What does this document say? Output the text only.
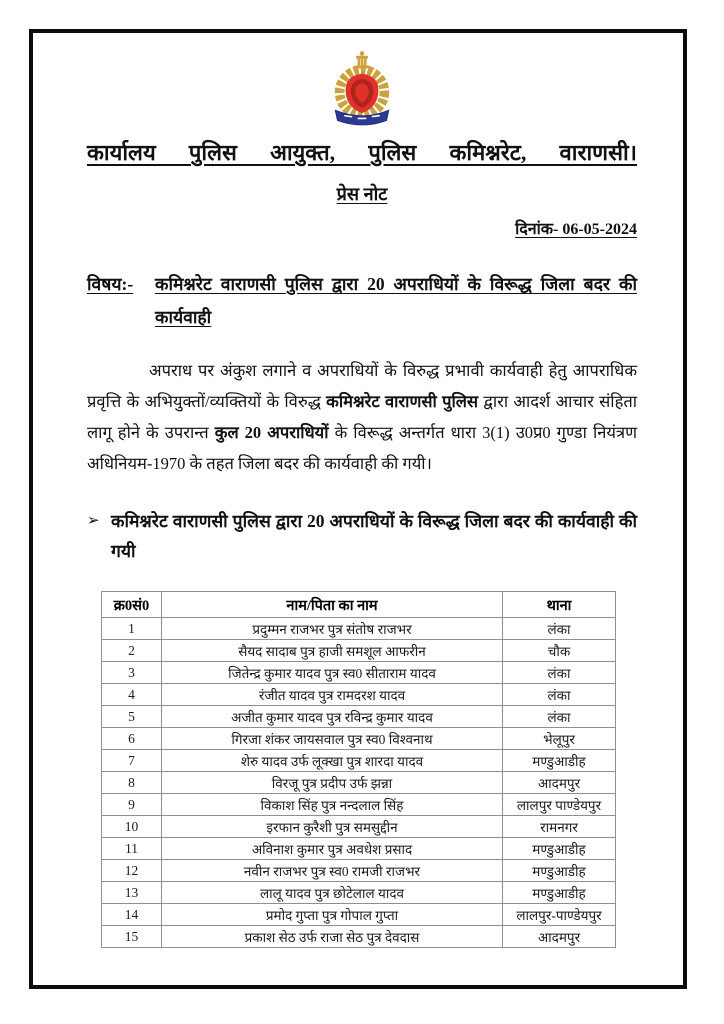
कार्यालय पुलिस आयुक्त, पुलिस कमिश्नरेट, वाराणसी।
प्रेस नोट
दिनांक- 06-05-2024
विषय:-	कमिश्नरेट वाराणसी पुलिस द्वारा 20 अपराधियों के विरूद्ध जिला बदर की कार्यवाही

अपराध पर अंकुश लगाने व अपराधियों के विरुद्ध प्रभावी कार्यवाही हेतु आपराधिक प्रवृत्ति के अभियुक्तों/व्यक्तियों के विरुद्ध कमिश्नरेट वाराणसी पुलिस द्वारा आदर्श आचार संहिता लागू होने के उपरान्त कुल 20 अपराधियों के विरूद्ध अन्तर्गत धारा 3(1) उ0प्र0 गुण्डा नियंत्रण अधिनियम-1970 के तहत जिला बदर की कार्यवाही की गयी।

➢ कमिश्नरेट वाराणसी पुलिस द्वारा 20 अपराधियों के विरूद्ध जिला बदर की कार्यवाही की गयी
क्र0सं0	नाम/पिता का नाम	थाना
1	प्रदुम्मन राजभर पुत्र संतोष राजभर	लंका
2	सैयद सादाब पुत्र हाजी समशूल आफरीन	चौक
3	जितेन्द्र कुमार यादव पुत्र स्व0 सीताराम यादव	लंका
4	रंजीत यादव पुत्र रामदरश यादव	लंका
5	अजीत कुमार यादव पुत्र रविन्द्र कुमार यादव	लंका
6	गिरजा शंकर जायसवाल पुत्र स्व0 विश्वनाथ	भेलूपुर
7	शेरु यादव उर्फ लूक्खा पुत्र शारदा यादव	मण्डुआडीह
8	विरजू पुत्र प्रदीप उर्फ झन्ना	आदमपुर
9	विकाश सिंह पुत्र नन्दलाल सिंह	लालपुर पाण्डेयपुर
10	इरफान कुरैशी पुत्र समसुद्दीन	रामनगर
11	अविनाश कुमार पुत्र अवधेश प्रसाद	मण्डुआडीह
12	नवीन राजभर पुत्र स्व0 रामजी राजभर	मण्डुआडीह
13	लालू यादव पुत्र छोटेलाल यादव	मण्डुआडीह
14	प्रमोद गुप्ता पुत्र गोपाल गुप्ता	लालपुर-पाण्डेयपुर
15	प्रकाश सेठ उर्फ राजा सेठ पुत्र देवदास	आदमपुर
